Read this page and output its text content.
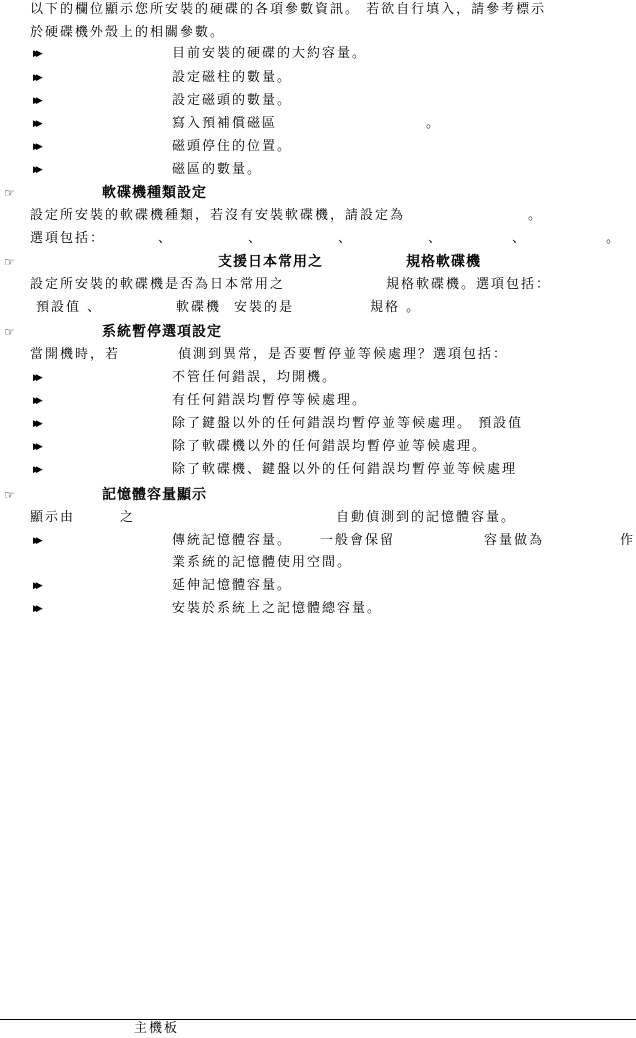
以下的欄位顯示您所安裝的硬碟的各項參數資訊。 若欲自行填入，請參考標示
於硬碟機外殼上的相關參數。
▶▶	目前安裝的硬碟的大約容量。
▶▶	設定磁柱的數量。
▶▶	設定磁頭的數量。
▶▶	寫入預補償磁區	。
▶▶	磁頭停住的位置。
▶▶	磁區的數量。
☞	軟碟機種類設定
設定所安裝的軟碟機種類，若沒有安裝軟碟機，請設定為	。
選項包括：	、	、	、	、	、	。
☞	支援日本常用之	規格軟碟機
設定所安裝的軟碟機是否為日本常用之	規格軟碟機。選項包括：
預設值 、	軟碟機 安裝的是	規格 。
☞	系統暫停選項設定
當開機時，若	偵測到異常，是否要暫停並等候處理？選項包括：
▶▶	不管任何錯誤，均開機。
▶▶	有任何錯誤均暫停等候處理。
▶▶	除了鍵盤以外的任何錯誤均暫停並等候處理。 預設值
▶▶	除了軟碟機以外的任何錯誤均暫停並等候處理。
▶▶	除了軟碟機、鍵盤以外的任何錯誤均暫停並等候處理
☞	記憶體容量顯示
顯示由	之	自動偵測到的記憶體容量。
▶▶	傳統記憶體容量。 一般會保留	容量做為	作
業系統的記憶體使用空間。
▶▶	延伸記憶體容量。
▶▶	安裝於系統上之記憶體總容量。
主機板
